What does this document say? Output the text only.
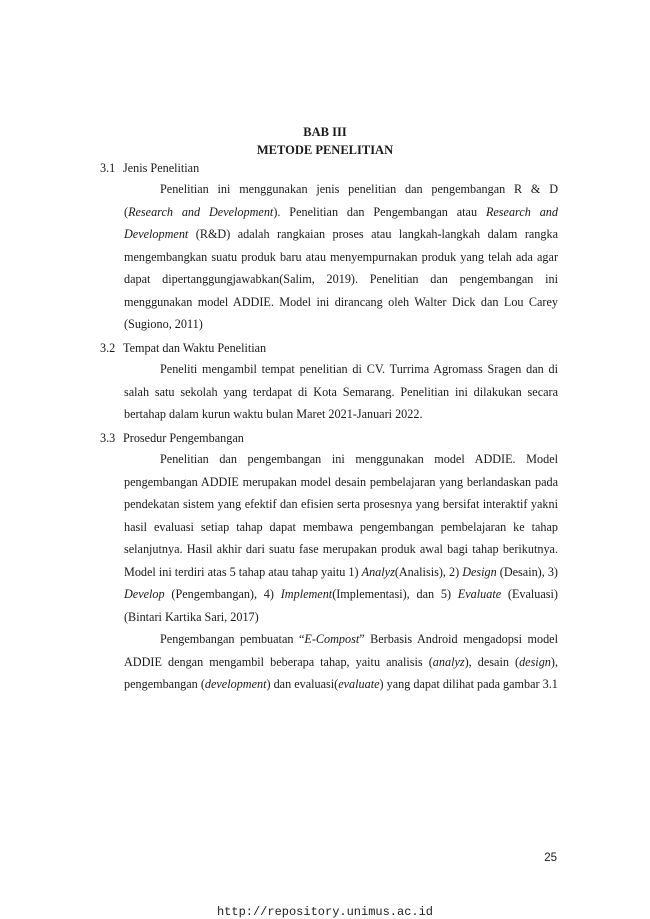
BAB III
METODE PENELITIAN
3.1 Jenis Penelitian

Penelitian ini menggunakan jenis penelitian dan pengembangan R & D (Research and Development). Penelitian dan Pengembangan atau Research and Development (R&D) adalah rangkaian proses atau langkah-langkah dalam rangka mengembangkan suatu produk baru atau menyempurnakan produk yang telah ada agar dapat dipertanggungjawabkan(Salim, 2019). Penelitian dan pengembangan ini menggunakan model ADDIE. Model ini dirancang oleh Walter Dick dan Lou Carey (Sugiono, 2011)

3.2 Tempat dan Waktu Penelitian

Peneliti mengambil tempat penelitian di CV. Turrima Agromass Sragen dan di salah satu sekolah yang terdapat di Kota Semarang. Penelitian ini dilakukan secara bertahap dalam kurun waktu bulan Maret 2021-Januari 2022.

3.3 Prosedur Pengembangan

Penelitian dan pengembangan ini menggunakan model ADDIE. Model pengembangan ADDIE merupakan model desain pembelajaran yang berlandaskan pada pendekatan sistem yang efektif dan efisien serta prosesnya yang bersifat interaktif yakni hasil evaluasi setiap tahap dapat membawa pengembangan pembelajaran ke tahap selanjutnya. Hasil akhir dari suatu fase merupakan produk awal bagi tahap berikutnya. Model ini terdiri atas 5 tahap atau tahap yaitu 1) Analyz(Analisis), 2) Design (Desain), 3) Develop (Pengembangan), 4) Implement(Implementasi), dan 5) Evaluate (Evaluasi) (Bintari Kartika Sari, 2017)

Pengembangan pembuatan “E-Compost” Berbasis Android mengadopsi model ADDIE dengan mengambil beberapa tahap, yaitu analisis (analyz), desain (design), pengembangan (development) dan evaluasi(evaluate) yang dapat dilihat pada gambar 3.1

25
http://repository.unimus.ac.id
